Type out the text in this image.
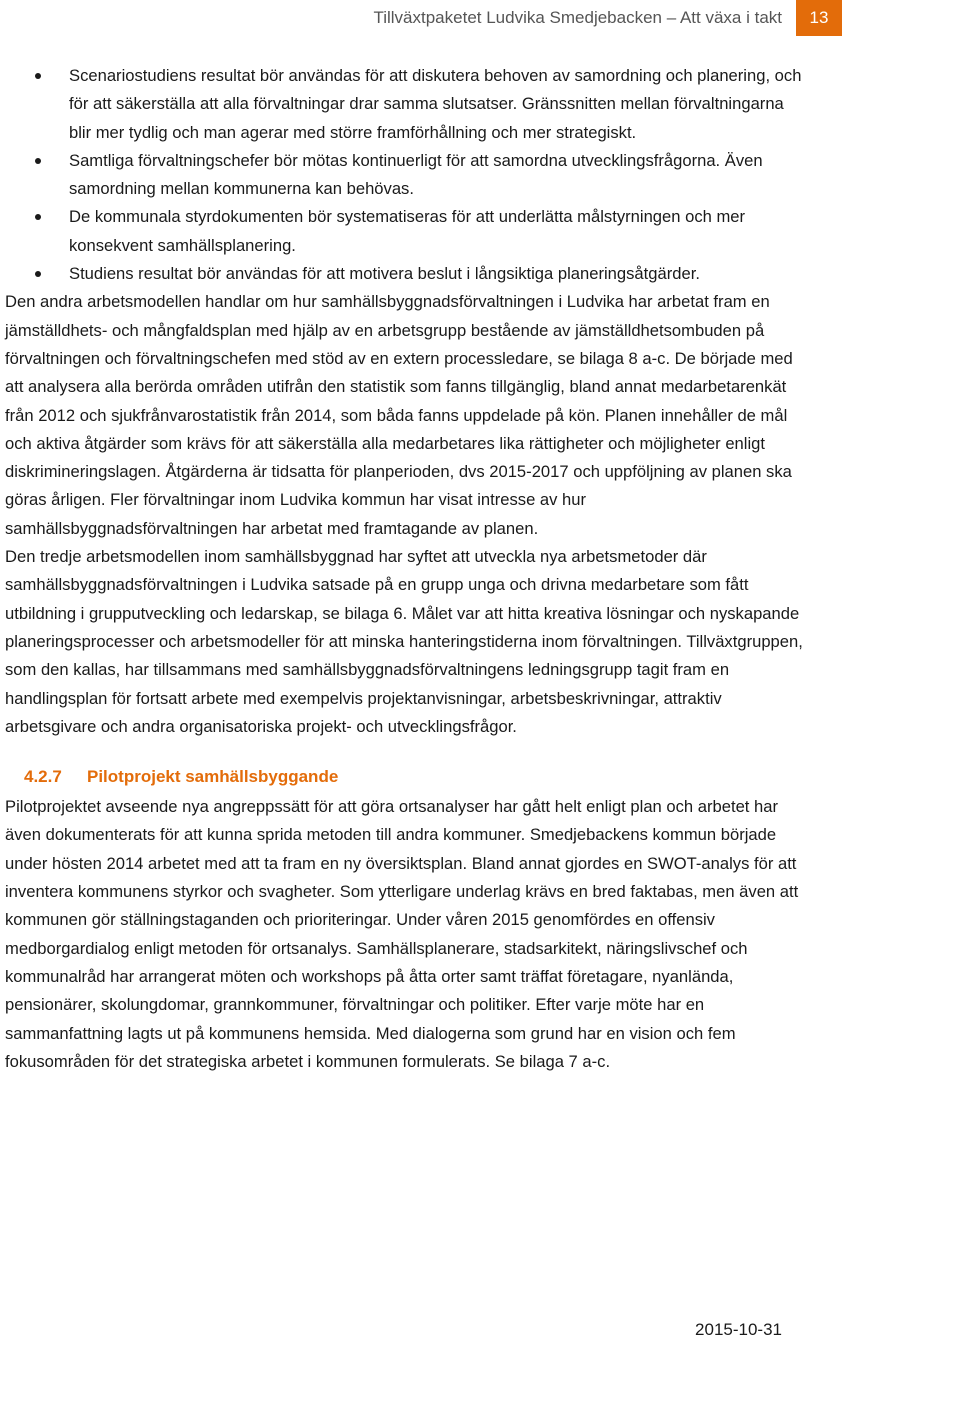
Tillväxtpaketet Ludvika Smedjebacken – Att växa i takt	13
Scenariostudiens resultat bör användas för att diskutera behoven av samordning och planering, och för att säkerställa att alla förvaltningar drar samma slutsatser. Gränssnitten mellan förvaltningarna blir mer tydlig och man agerar med större framförhållning och mer strategiskt.
Samtliga förvaltningschefer bör mötas kontinuerligt för att samordna utvecklingsfrågorna. Även samordning mellan kommunerna kan behövas.
De kommunala styrdokumenten bör systematiseras för att underlätta målstyrningen och mer konsekvent samhällsplanering.
Studiens resultat bör användas för att motivera beslut i långsiktiga planeringsåtgärder.

Den andra arbetsmodellen handlar om hur samhällsbyggnadsförvaltningen i Ludvika har arbetat fram en jämställdhets- och mångfaldsplan med hjälp av en arbetsgrupp bestående av jämställdhetsombuden på förvaltningen och förvaltningschefen med stöd av en extern processledare, se bilaga 8 a-c. De började med att analysera alla berörda områden utifrån den statistik som fanns tillgänglig, bland annat medarbetarenkät från 2012 och sjukfrånvarostatistik från 2014, som båda fanns uppdelade på kön. Planen innehåller de mål och aktiva åtgärder som krävs för att säkerställa alla medarbetares lika rättigheter och möjligheter enligt diskrimineringslagen. Åtgärderna är tidsatta för planperioden, dvs 2015-2017 och uppföljning av planen ska göras årligen. Fler förvaltningar inom Ludvika kommun har visat intresse av hur samhällsbyggnadsförvaltningen har arbetat med framtagande av planen.

Den tredje arbetsmodellen inom samhällsbyggnad har syftet att utveckla nya arbetsmetoder där samhällsbyggnadsförvaltningen i Ludvika satsade på en grupp unga och drivna medarbetare som fått utbildning i grupputveckling och ledarskap, se bilaga 6. Målet var att hitta kreativa lösningar och nyskapande planeringsprocesser och arbetsmodeller för att minska hanteringstiderna inom förvaltningen. Tillväxtgruppen, som den kallas, har tillsammans med samhällsbyggnadsförvaltningens ledningsgrupp tagit fram en handlingsplan för fortsatt arbete med exempelvis projektanvisningar, arbetsbeskrivningar, attraktiv arbetsgivare och andra organisatoriska projekt- och utvecklingsfrågor.

4.2.7 Pilotprojekt samhällsbyggande

Pilotprojektet avseende nya angreppssätt för att göra ortsanalyser har gått helt enligt plan och arbetet har även dokumenterats för att kunna sprida metoden till andra kommuner. Smedjebackens kommun började under hösten 2014 arbetet med att ta fram en ny översiktsplan. Bland annat gjordes en SWOT-analys för att inventera kommunens styrkor och svagheter. Som ytterligare underlag krävs en bred faktabas, men även att kommunen gör ställningstaganden och prioriteringar. Under våren 2015 genomfördes en offensiv medborgardialog enligt metoden för ortsanalys. Samhällsplanerare, stadsarkitekt, näringslivschef och kommunalråd har arrangerat möten och workshops på åtta orter samt träffat företagare, nyanlända, pensionärer, skolungdomar, grannkommuner, förvaltningar och politiker. Efter varje möte har en sammanfattning lagts ut på kommunens hemsida. Med dialogerna som grund har en vision och fem fokusområden för det strategiska arbetet i kommunen formulerats. Se bilaga 7 a-c.

2015-10-31
